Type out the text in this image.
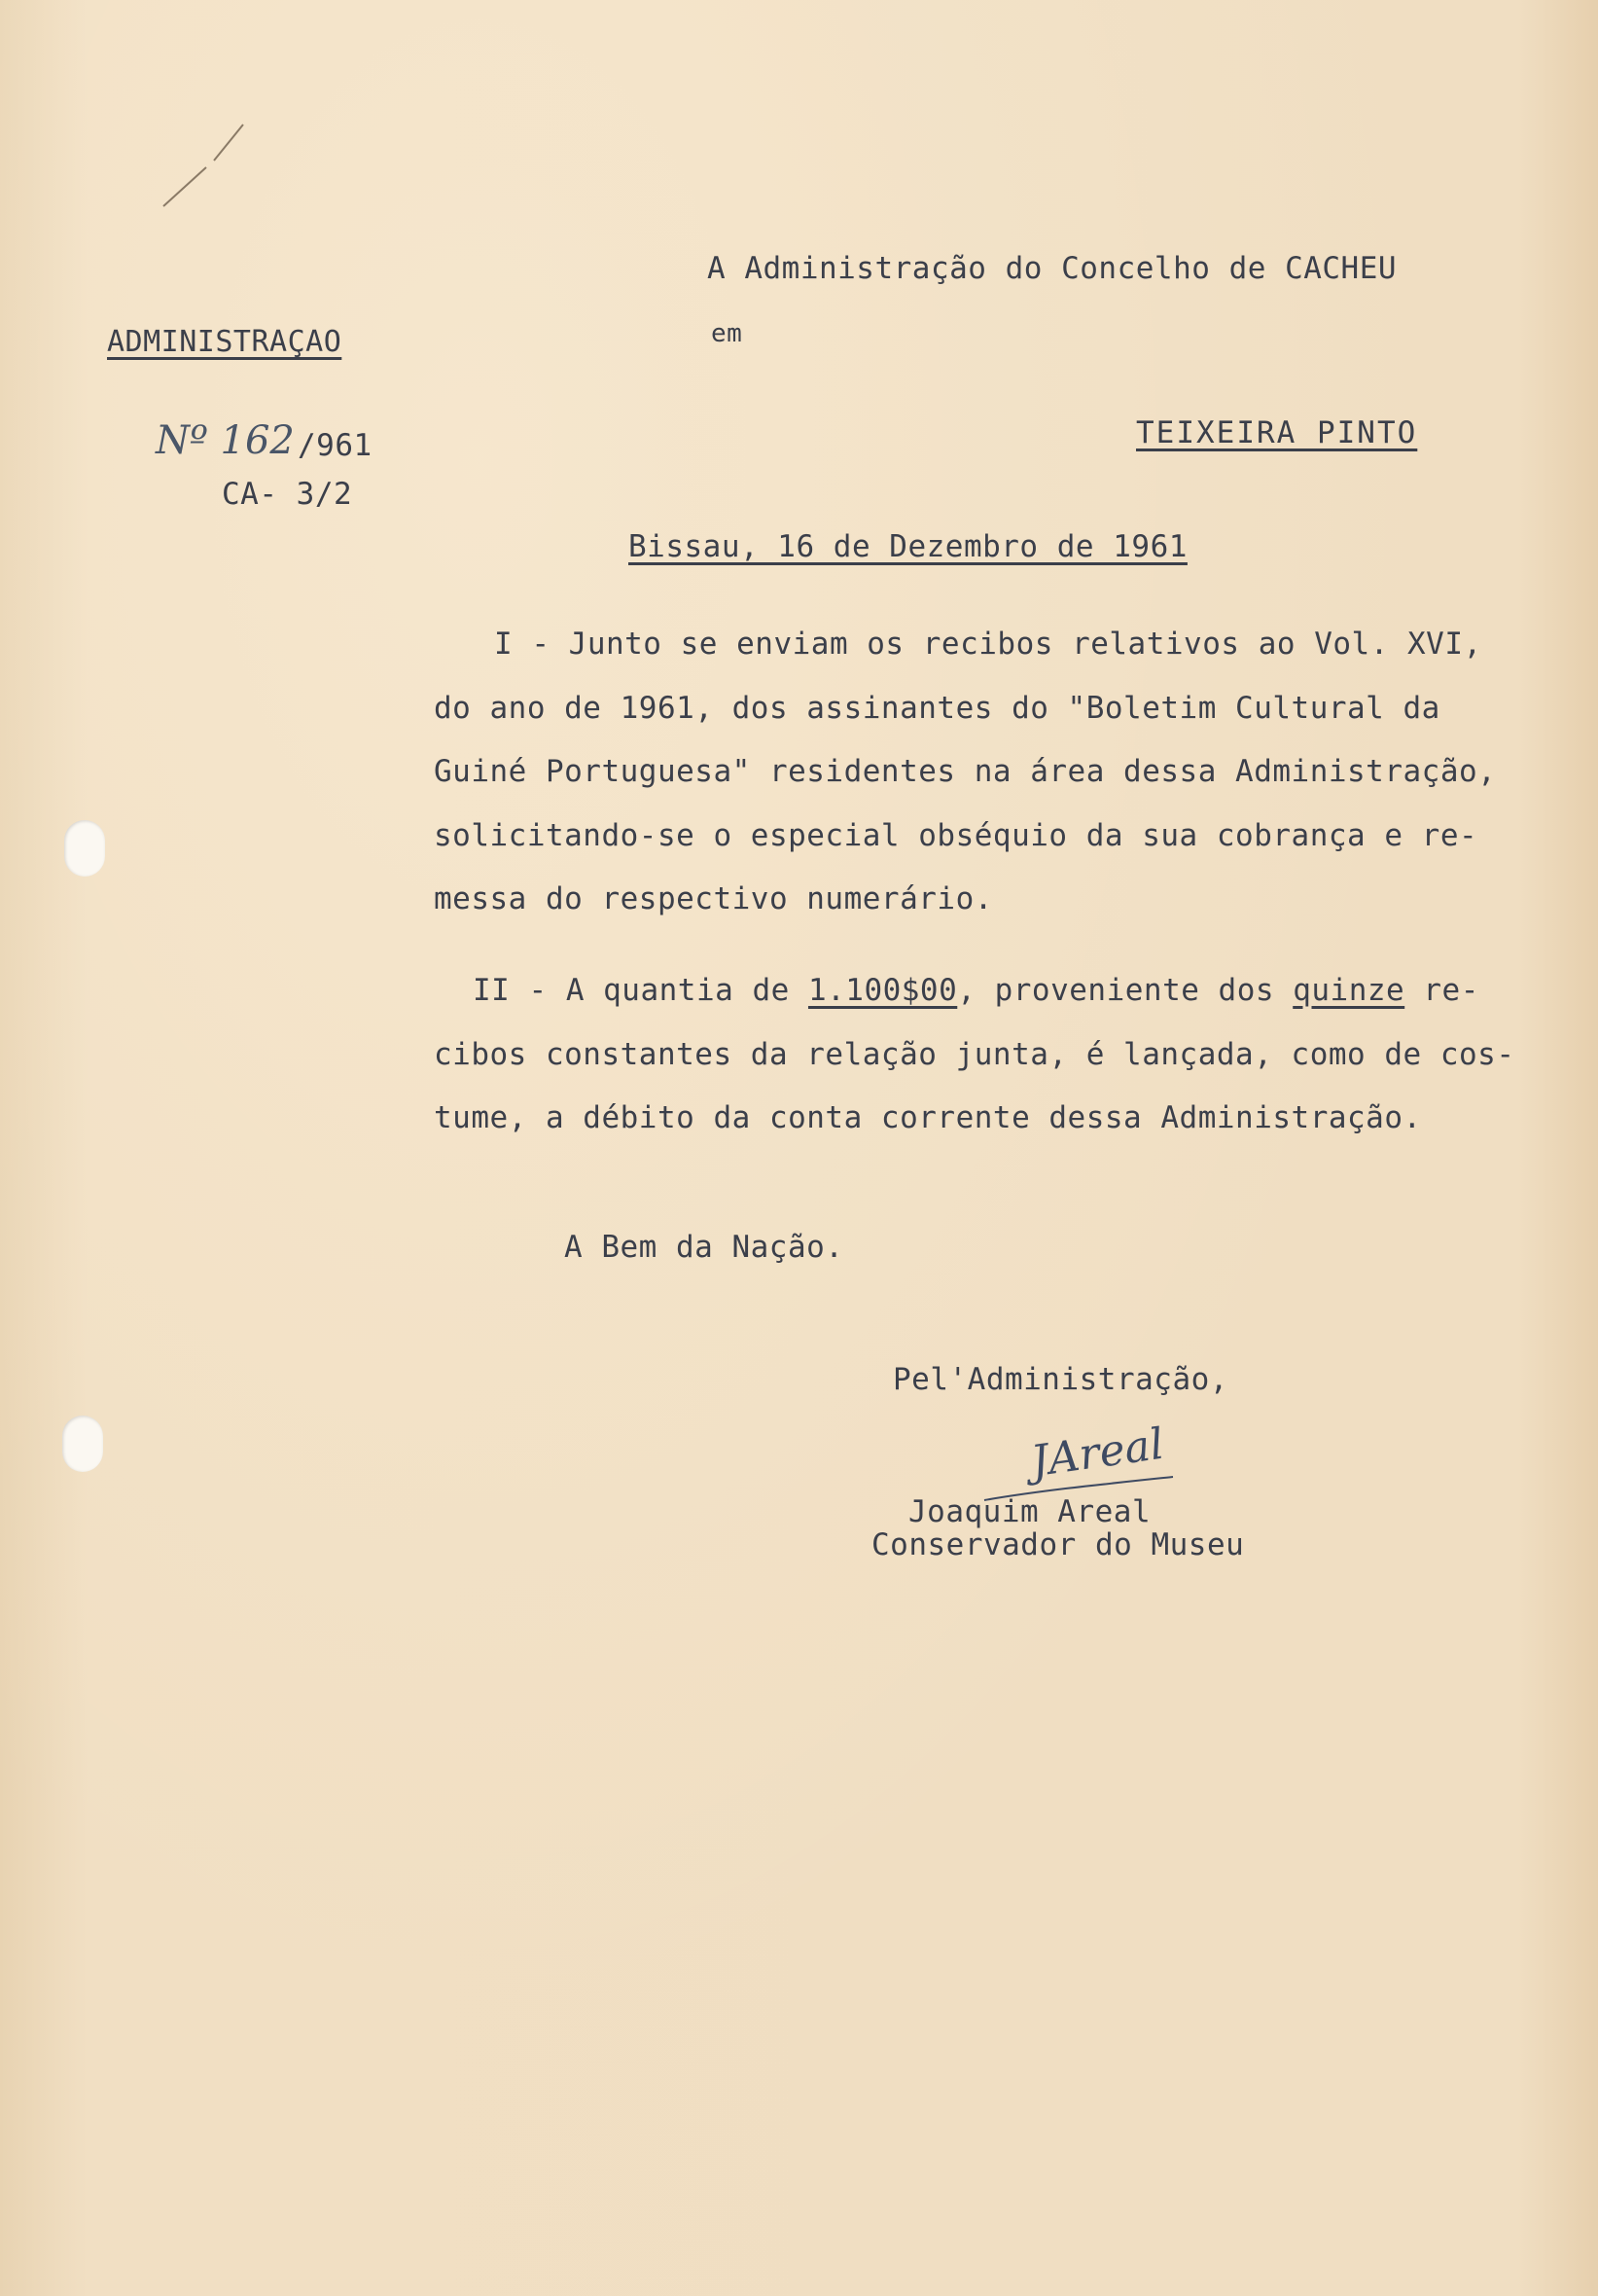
A Administração do Concelho de CACHEU
em
TEIXEIRA PINTO
ADMINISTRAÇAO
Nº 162 /961
CA- 3/2
Bissau, 16 de Dezembro de 1961
I - Junto se enviam os recibos relativos ao Vol. XVI,
do ano de 1961, dos assinantes do "Boletim Cultural da
Guiné Portuguesa" residentes na área dessa Administração,
solicitando-se o especial obséquio da sua cobrança e re-
messa do respectivo numerário.
II - A quantia de 1.100$00, proveniente dos quinze re-
cibos constantes da relação junta, é lançada, como de cos-
tume, a débito da conta corrente dessa Administração.
A Bem da Nação.
Pel'Administração,
JAreal
Joaquim Areal
Conservador do Museu
